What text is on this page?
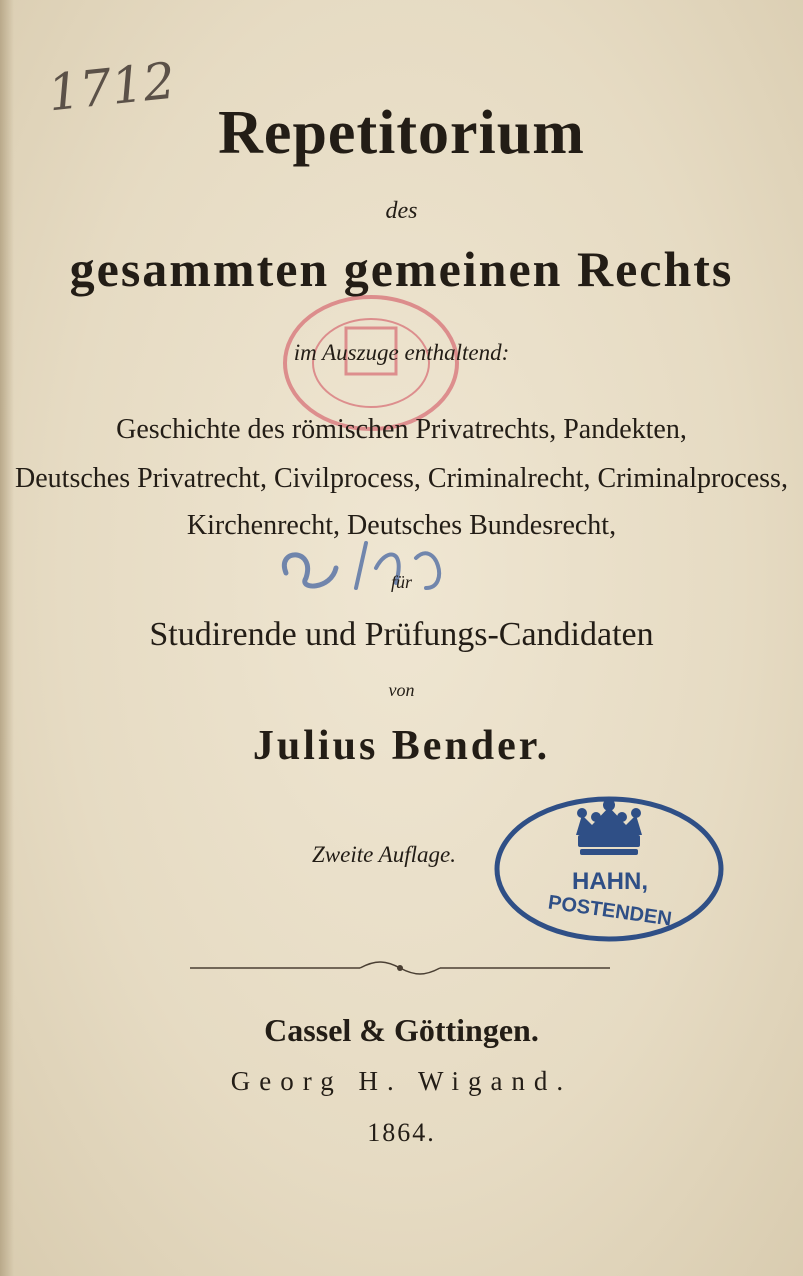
1712
Repetitorium
des
gesammten gemeinen Rechts
im Auszuge enthaltend:
Geschichte des römischen Privatrechts, Pandekten,
Deutsches Privatrecht, Civilprocess, Criminalrecht, Criminalprocess,
Kirchenrecht, Deutsches Bundesrecht,
für
Studirende und Prüfungs-Candidaten
von
Julius Bender.
Zweite Auflage.
HAHN,
POSTENDEN
Cassel & Göttingen.
Georg H. Wigand.
1864.
